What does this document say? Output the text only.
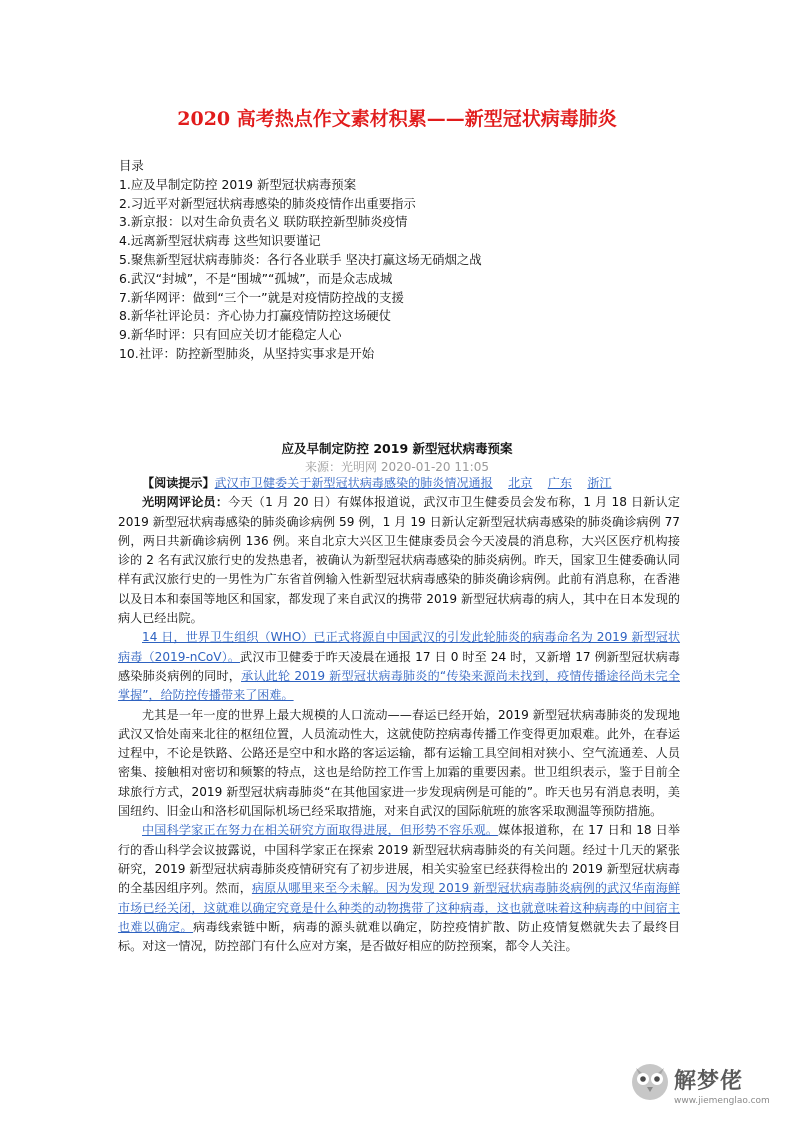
2020 高考热点作文素材积累——新型冠状病毒肺炎
目录
1.应及早制定防控 2019 新型冠状病毒预案
2.习近平对新型冠状病毒感染的肺炎疫情作出重要指示
3.新京报：以对生命负责名义 联防联控新型肺炎疫情
4.远离新型冠状病毒 这些知识要谨记
5.聚焦新型冠状病毒肺炎：各行各业联手 坚决打赢这场无硝烟之战
6.武汉“封城”，不是“围城”“孤城”，而是众志成城
7.新华网评：做到“三个一”就是对疫情防控战的支援
8.新华社评论员：齐心协力打赢疫情防控这场硬仗
9.新华时评：只有回应关切才能稳定人心
10.社评：防控新型肺炎，从坚持实事求是开始
应及早制定防控 2019 新型冠状病毒预案
来源：光明网 2020-01-20 11:05

【阅读提示】武汉市卫健委关于新型冠状病毒感染的肺炎情况通报 北京 广东 浙江

光明网评论员：今天（1 月 20 日）有媒体报道说，武汉市卫生健委员会发布称，1 月 18 日新认定 2019 新型冠状病毒感染的肺炎确诊病例 59 例，1 月 19 日新认定新型冠状病毒感染的肺炎确诊病例 77 例，两日共新确诊病例 136 例。来自北京大兴区卫生健康委员会今天凌晨的消息称，大兴区医疗机构接诊的 2 名有武汉旅行史的发热患者，被确认为新型冠状病毒感染的肺炎病例。昨天，国家卫生健委确认同样有武汉旅行史的一男性为广东省首例输入性新型冠状病毒感染的肺炎确诊病例。此前有消息称，在香港以及日本和泰国等地区和国家，都发现了来自武汉的携带 2019 新型冠状病毒的病人，其中在日本发现的病人已经出院。

14 日，世界卫生组织（WHO）已正式将源自中国武汉的引发此轮肺炎的病毒命名为 2019 新型冠状病毒（2019-nCoV）。武汉市卫健委于昨天凌晨在通报 17 日 0 时至 24 时，又新增 17 例新型冠状病毒感染肺炎病例的同时，承认此轮 2019 新型冠状病毒肺炎的“传染来源尚未找到，疫情传播途径尚未完全掌握”，给防控传播带来了困难。

尤其是一年一度的世界上最大规模的人口流动——春运已经开始，2019 新型冠状病毒肺炎的发现地武汉又恰处南来北往的枢纽位置，人员流动性大，这就使防控病毒传播工作变得更加艰难。此外，在春运过程中，不论是铁路、公路还是空中和水路的客运运输，都有运输工具空间相对狭小、空气流通差、人员密集、接触相对密切和频繁的特点，这也是给防控工作雪上加霜的重要因素。世卫组织表示，鉴于目前全球旅行方式，2019 新型冠状病毒肺炎“在其他国家进一步发现病例是可能的”。昨天也另有消息表明，美国纽约、旧金山和洛杉矶国际机场已经采取措施，对来自武汉的国际航班的旅客采取测温等预防措施。

中国科学家正在努力在相关研究方面取得进展，但形势不容乐观。媒体报道称，在 17 日和 18 日举行的香山科学会议披露说，中国科学家正在探索 2019 新型冠状病毒肺炎的有关问题。经过十几天的紧张研究，2019 新型冠状病毒肺炎疫情研究有了初步进展，相关实验室已经获得检出的 2019 新型冠状病毒的全基因组序列。然而，病原从哪里来至今未解。因为发现 2019 新型冠状病毒肺炎病例的武汉华南海鲜市场已经关闭，这就难以确定究竟是什么种类的动物携带了这种病毒，这也就意味着这种病毒的中间宿主也难以确定。病毒线索链中断，病毒的源头就难以确定，防控疫情扩散、防止疫情复燃就失去了最终目标。对这一情况，防控部门有什么应对方案，是否做好相应的防控预案，都令人关注。

解梦佬
www.jiemenglao.com
